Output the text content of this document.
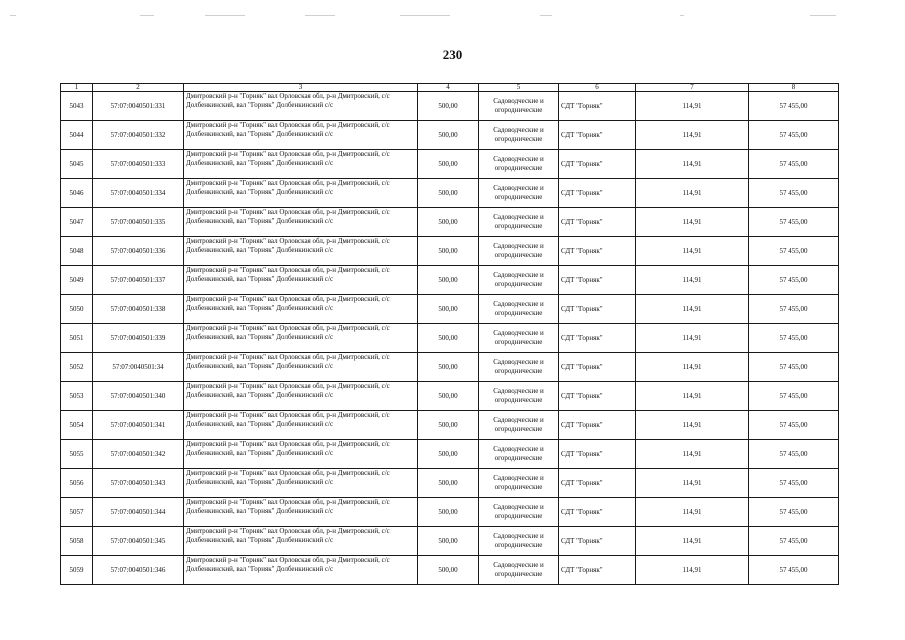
230
1	2	3	4	5	6	7	8
5043	57:07:0040501:331	Дмитровский р-н "Горняк" вал Орловская обл, р-н Дмитровский, с/с Долбенкинский, вал "Горняк" Долбенкинский с/с	500,00	Садоводческие и огороднические	СДТ "Горняк"	114,91	57 455,00
5044	57:07:0040501:332	Дмитровский р-н "Горняк" вал Орловская обл, р-н Дмитровский, с/с Долбенкинский, вал "Горняк" Долбенкинский с/с	500,00	Садоводческие и огороднические	СДТ "Горняк"	114,91	57 455,00
5045	57:07:0040501:333	Дмитровский р-н "Горняк" вал Орловская обл, р-н Дмитровский, с/с Долбенкинский, вал "Горняк" Долбенкинский с/с	500,00	Садоводческие и огороднические	СДТ "Горняк"	114,91	57 455,00
5046	57:07:0040501:334	Дмитровский р-н "Горняк" вал Орловская обл, р-н Дмитровский, с/с Долбенкинский, вал "Горняк" Долбенкинский с/с	500,00	Садоводческие и огороднические	СДТ "Горняк"	114,91	57 455,00
5047	57:07:0040501:335	Дмитровский р-н "Горняк" вал Орловская обл, р-н Дмитровский, с/с Долбенкинский, вал "Горняк" Долбенкинский с/с	500,00	Садоводческие и огороднические	СДТ "Горняк"	114,91	57 455,00
5048	57:07:0040501:336	Дмитровский р-н "Горняк" вал Орловская обл, р-н Дмитровский, с/с Долбенкинский, вал "Горняк" Долбенкинский с/с	500,00	Садоводческие и огороднические	СДТ "Горняк"	114,91	57 455,00
5049	57:07:0040501:337	Дмитровский р-н "Горняк" вал Орловская обл, р-н Дмитровский, с/с Долбенкинский, вал "Горняк" Долбенкинский с/с	500,00	Садоводческие и огороднические	СДТ "Горняк"	114,91	57 455,00
5050	57:07:0040501:338	Дмитровский р-н "Горняк" вал Орловская обл, р-н Дмитровский, с/с Долбенкинский, вал "Горняк" Долбенкинский с/с	500,00	Садоводческие и огороднические	СДТ "Горняк"	114,91	57 455,00
5051	57:07:0040501:339	Дмитровский р-н "Горняк" вал Орловская обл, р-н Дмитровский, с/с Долбенкинский, вал "Горняк" Долбенкинский с/с	500,00	Садоводческие и огороднические	СДТ "Горняк"	114,91	57 455,00
5052	57:07:0040501:34	Дмитровский р-н "Горняк" вал Орловская обл, р-н Дмитровский, с/с Долбенкинский, вал "Горняк" Долбенкинский с/с	500,00	Садоводческие и огороднические	СДТ "Горняк"	114,91	57 455,00
5053	57:07:0040501:340	Дмитровский р-н "Горняк" вал Орловская обл, р-н Дмитровский, с/с Долбенкинский, вал "Горняк" Долбенкинский с/с	500,00	Садоводческие и огороднические	СДТ "Горняк"	114,91	57 455,00
5054	57:07:0040501:341	Дмитровский р-н "Горняк" вал Орловская обл, р-н Дмитровский, с/с Долбенкинский, вал "Горняк" Долбенкинский с/с	500,00	Садоводческие и огороднические	СДТ "Горняк"	114,91	57 455,00
5055	57:07:0040501:342	Дмитровский р-н "Горняк" вал Орловская обл, р-н Дмитровский, с/с Долбенкинский, вал "Горняк" Долбенкинский с/с	500,00	Садоводческие и огороднические	СДТ "Горняк"	114,91	57 455,00
5056	57:07:0040501:343	Дмитровский р-н "Горняк" вал Орловская обл, р-н Дмитровский, с/с Долбенкинский, вал "Горняк" Долбенкинский с/с	500,00	Садоводческие и огороднические	СДТ "Горняк"	114,91	57 455,00
5057	57:07:0040501:344	Дмитровский р-н "Горняк" вал Орловская обл, р-н Дмитровский, с/с Долбенкинский, вал "Горняк" Долбенкинский с/с	500,00	Садоводческие и огороднические	СДТ "Горняк"	114,91	57 455,00
5058	57:07:0040501:345	Дмитровский р-н "Горняк" вал Орловская обл, р-н Дмитровский, с/с Долбенкинский, вал "Горняк" Долбенкинский с/с	500,00	Садоводческие и огороднические	СДТ "Горняк"	114,91	57 455,00
5059	57:07:0040501:346	Дмитровский р-н "Горняк" вал Орловская обл, р-н Дмитровский, с/с Долбенкинский, вал "Горняк" Долбенкинский с/с	500,00	Садоводческие и огороднические	СДТ "Горняк"	114,91	57 455,00
